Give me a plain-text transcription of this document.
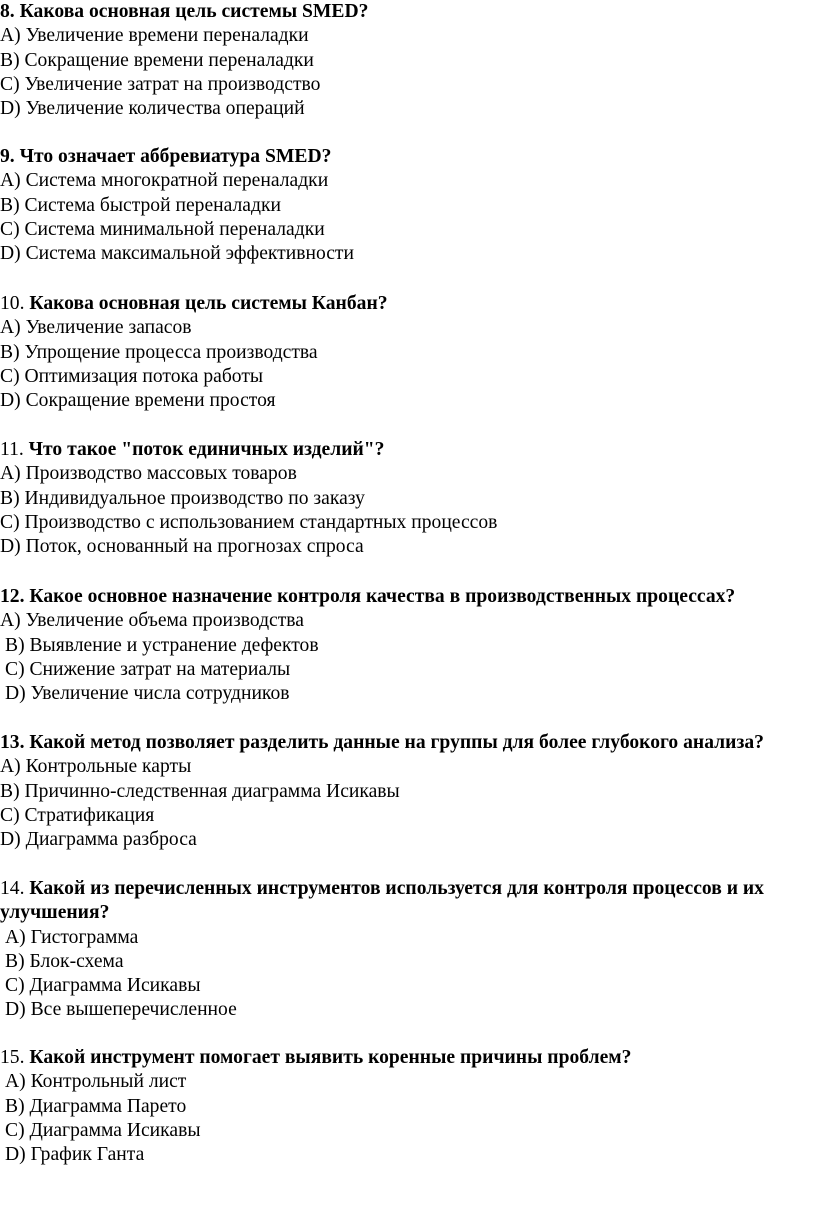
8. Какова основная цель системы SMED?
A) Увеличение времени переналадки
B) Сокращение времени переналадки
C) Увеличение затрат на производство
D) Увеличение количества операций
9. Что означает аббревиатура SMED?
A) Система многократной переналадки
B) Система быстрой переналадки
C) Система минимальной переналадки
D) Система максимальной эффективности
10. Какова основная цель системы Канбан?
A) Увеличение запасов
B) Упрощение процесса производства
C) Оптимизация потока работы
D) Сокращение времени простоя
11. Что такое "поток единичных изделий"?
A) Производство массовых товаров
B) Индивидуальное производство по заказу
C) Производство с использованием стандартных процессов
D) Поток, основанный на прогнозах спроса
12. Какое основное назначение контроля качества в производственных процессах?
A) Увеличение объема производства
B) Выявление и устранение дефектов
C) Снижение затрат на материалы
D) Увеличение числа сотрудников
13. Какой метод позволяет разделить данные на группы для более глубокого анализа?
A) Контрольные карты
B) Причинно-следственная диаграмма Исикавы
C) Стратификация
D) Диаграмма разброса
14. Какой из перечисленных инструментов используется для контроля процессов и их улучшения?
A) Гистограмма
B) Блок-схема
C) Диаграмма Исикавы
D) Все вышеперечисленное
15. Какой инструмент помогает выявить коренные причины проблем?
A) Контрольный лист
B) Диаграмма Парето
C) Диаграмма Исикавы
D) График Ганта
